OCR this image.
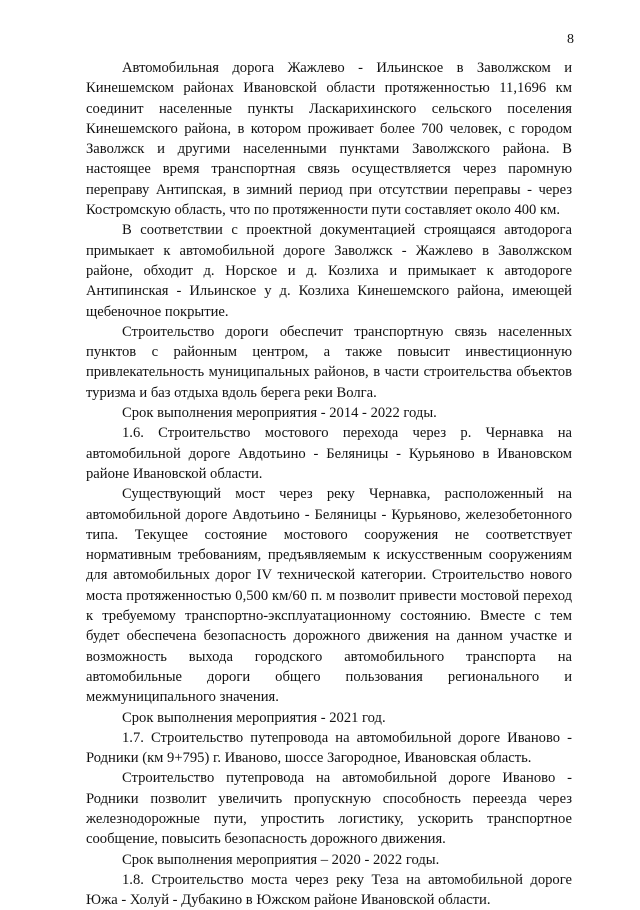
8

Автомобильная дорога Жажлево - Ильинское в Заволжском и Кинешемском районах Ивановской области протяженностью 11,1696 км соединит населенные пункты Ласкарихинского сельского поселения Кинешемского района, в котором проживает более 700 человек, с городом Заволжск и другими населенными пунктами Заволжского района. В настоящее время транспортная связь осуществляется через паромную переправу Антипская, в зимний период при отсутствии переправы - через Костромскую область, что по протяженности пути составляет около 400 км.

В соответствии с проектной документацией строящаяся автодорога примыкает к автомобильной дороге Заволжск - Жажлево в Заволжском районе, обходит д. Норское и д. Козлиха и примыкает к автодороге Антипинская - Ильинское у д. Козлиха Кинешемского района, имеющей щебеночное покрытие.

Строительство дороги обеспечит транспортную связь населенных пунктов с районным центром, а также повысит инвестиционную привлекательность муниципальных районов, в части строительства объектов туризма и баз отдыха вдоль берега реки Волга.

Срок выполнения мероприятия - 2014 - 2022 годы.

1.6. Строительство мостового перехода через р. Чернавка на автомобильной дороге Авдотьино - Беляницы - Курьяново в Ивановском районе Ивановской области.

Существующий мост через реку Чернавка, расположенный на автомобильной дороге Авдотьино - Беляницы - Курьяново, железобетонного типа. Текущее состояние мостового сооружения не соответствует нормативным требованиям, предъявляемым к искусственным сооружениям для автомобильных дорог IV технической категории. Строительство нового моста протяженностью 0,500 км/60 п. м позволит привести мостовой переход к требуемому транспортно-эксплуатационному состоянию. Вместе с тем будет обеспечена безопасность дорожного движения на данном участке и возможность выхода городского автомобильного транспорта на автомобильные дороги общего пользования регионального и межмуниципального значения.

Срок выполнения мероприятия - 2021 год.

1.7. Строительство путепровода на автомобильной дороге Иваново - Родники (км 9+795) г. Иваново, шоссе Загородное, Ивановская область.

Строительство путепровода на автомобильной дороге Иваново - Родники позволит увеличить пропускную способность переезда через железнодорожные пути, упростить логистику, ускорить транспортное сообщение, повысить безопасность дорожного движения.

Срок выполнения мероприятия – 2020 - 2022 годы.

1.8. Строительство моста через реку Теза на автомобильной дороге Южа - Холуй - Дубакино в Южском районе Ивановской области.
